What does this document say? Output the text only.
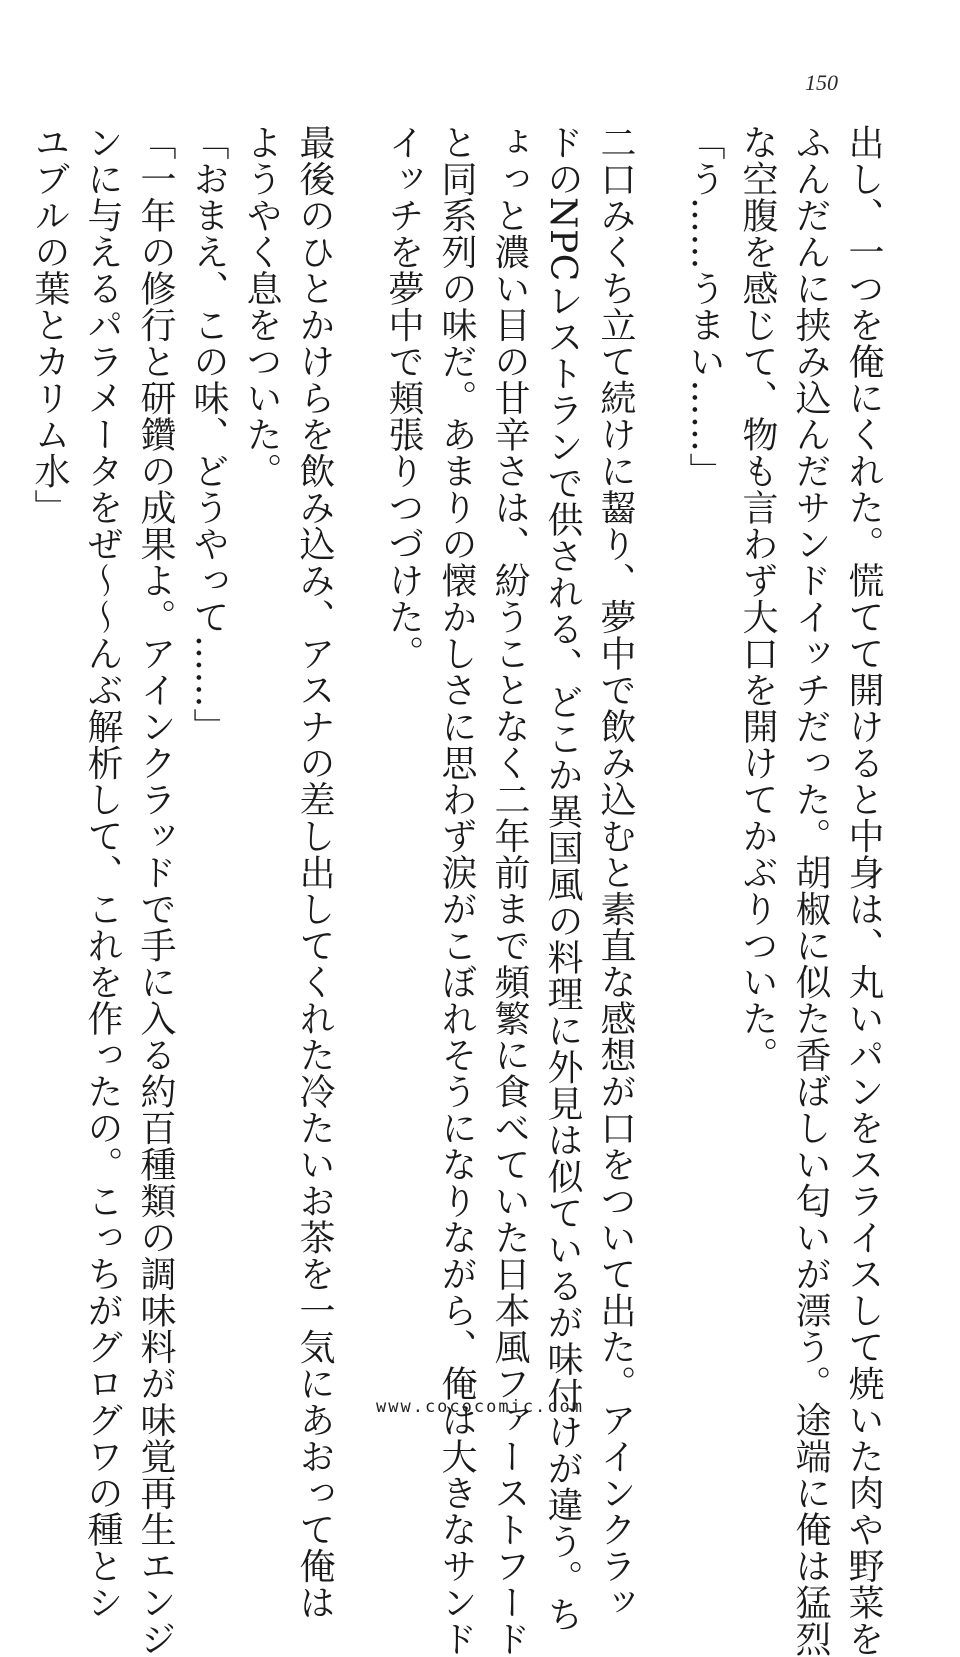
150
出し、一つを俺にくれた。慌てて開けると中身は、丸いパンをスライスして焼いた肉や野菜を
ふんだんに挟み込んだサンドイッチだった。胡椒に似た香ばしい匂いが漂う。途端に俺は猛烈
な空腹を感じて、物も言わず大口を開けてかぶりついた。
「う……うまい……」
二口みくち立て続けに齧り、夢中で飲み込むと素直な感想が口をついて出た。アインクラッ
ドのNPCレストランで供される、どこか異国風の料理に外見は似ているが味付けが違う。ち
ょっと濃い目の甘辛さは、紛うことなく二年前まで頻繁に食べていた日本風ファーストフード
と同系列の味だ。あまりの懐かしさに思わず涙がこぼれそうになりながら、俺は大きなサンド
イッチを夢中で頬張りつづけた。
最後のひとかけらを飲み込み、アスナの差し出してくれた冷たいお茶を一気にあおって俺は
ようやく息をついた。
「おまえ、この味、どうやって……」
「一年の修行と研鑽の成果よ。アインクラッドで手に入る約百種類の調味料が味覚再生エンジ
ンに与えるパラメータをぜ～～んぶ解析して、これを作ったの。こっちがグログワの種とシ
ユブルの葉とカリム水」
www.cococomic.com
